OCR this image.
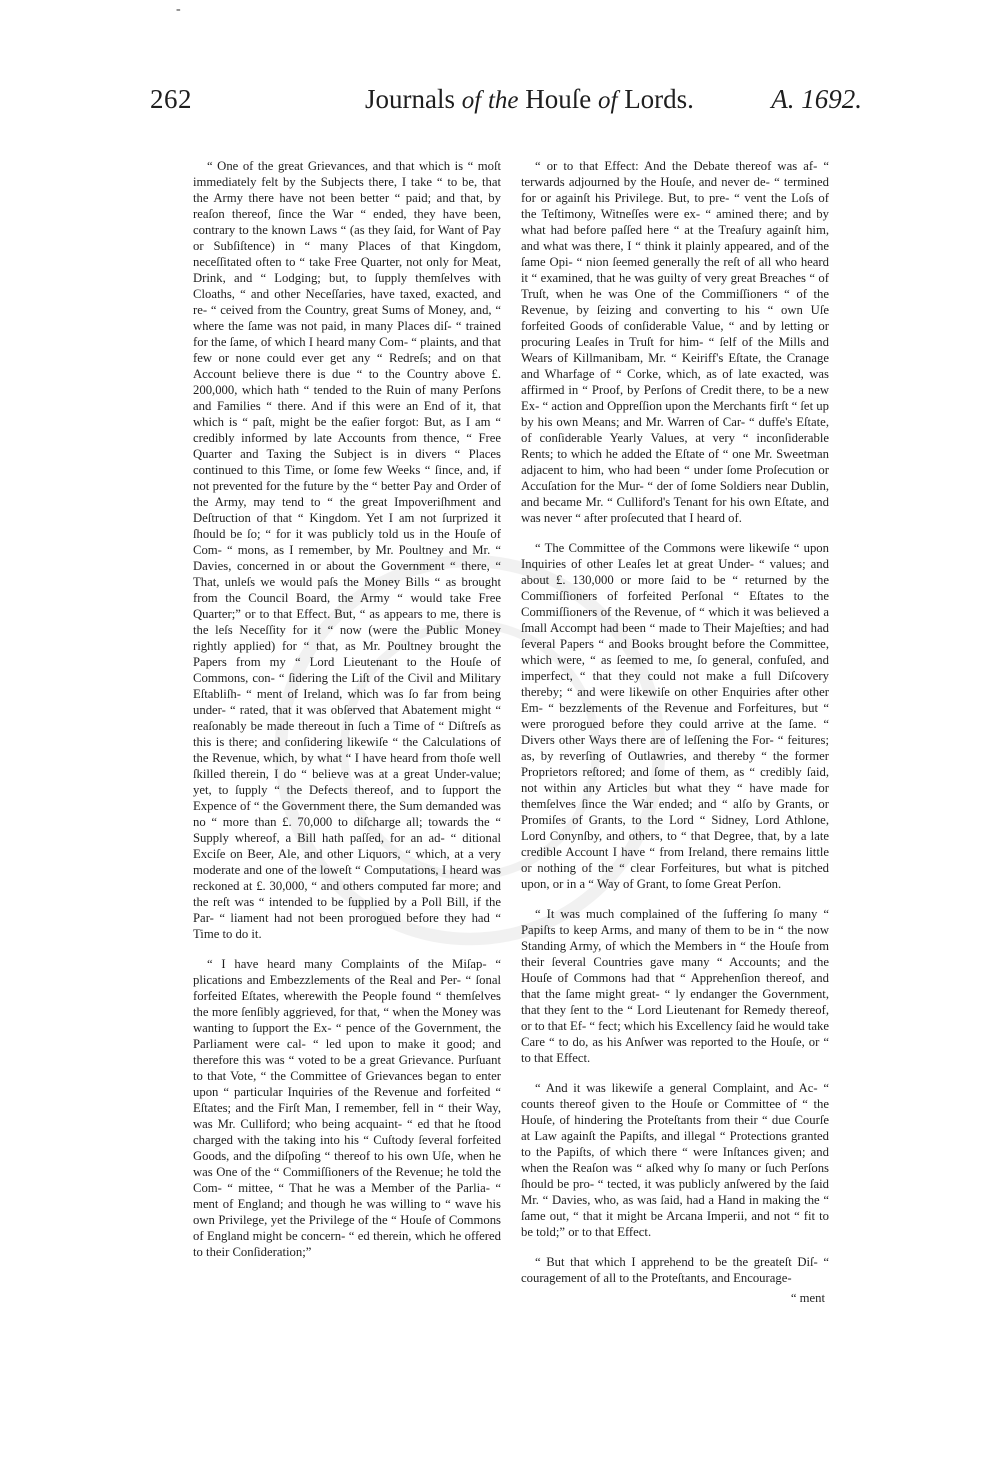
-
262	Journals of the Houſe of Lords.	A. 1692.

“ One of the great Grievances, and that which is “ moſt immediately felt by the Subjects there, I take “ to be, that the Army there have not been better “ paid; and that, by reaſon thereof, ſince the War “ ended, they have been, contrary to the known Laws “ (as they ſaid, for Want of Pay or Subſiſtence) in “ many Places of that Kingdom, neceſſitated often to “ take Free Quarter, not only for Meat, Drink, and “ Lodging; but, to ſupply themſelves with Cloaths, “ and other Neceſſaries, have taxed, exacted, and re- “ ceived from the Country, great Sums of Money, and, “ where the ſame was not paid, in many Places diſ- “ trained for the ſame, of which I heard many Com- “ plaints, and that few or none could ever get any “ Redreſs; and on that Account believe there is due “ to the Country above £. 200,000, which hath “ tended to the Ruin of many Perſons and Families “ there. And if this were an End of it, that which is “ paſt, might be the eaſier forgot: But, as I am “ credibly informed by late Accounts from thence, “ Free Quarter and Taxing the Subject is in divers “ Places continued to this Time, or ſome few Weeks “ ſince, and, if not prevented for the future by the “ better Pay and Order of the Army, may tend to “ the great Impoveriſhment and Deſtruction of that “ Kingdom. Yet I am not ſurprized it ſhould be ſo; “ for it was publicly told us in the Houſe of Com- “ mons, as I remember, by Mr. Poultney and Mr. “ Davies, concerned in or about the Government “ there, “ That, unleſs we would paſs the Money Bills “ as brought from the Council Board, the Army “ would take Free Quarter;” or to that Effect. But, “ as appears to me, there is the leſs Neceſſity for it “ now (were the Public Money rightly applied) for “ that, as Mr. Poultney brought the Papers from my “ Lord Lieutenant to the Houſe of Commons, con- “ ſidering the Liſt of the Civil and Military Eſtabliſh- “ ment of Ireland, which was ſo far from being under- “ rated, that it was obſerved that Abatement might “ reaſonably be made thereout in ſuch a Time of “ Diſtreſs as this is there; and conſidering likewiſe “ the Calculations of the Revenue, which, by what “ I have heard from thoſe well ſkilled therein, I do “ believe was at a great Under-value; yet, to ſupply “ the Defects thereof, and to ſupport the Expence of “ the Government there, the Sum demanded was no “ more than £. 70,000 to diſcharge all; towards the “ Supply whereof, a Bill hath paſſed, for an ad- “ ditional Exciſe on Beer, Ale, and other Liquors, “ which, at a very moderate and one of the loweſt “ Computations, I heard was reckoned at £. 30,000, “ and others computed far more; and the reſt was “ intended to be ſupplied by a Poll Bill, if the Par- “ liament had not been prorogued before they had “ Time to do it.

“ I have heard many Complaints of the Miſap- “ plications and Embezzlements of the Real and Per- “ ſonal forfeited Eſtates, wherewith the People found “ themſelves the more ſenſibly aggrieved, for that, “ when the Money was wanting to ſupport the Ex- “ pence of the Government, the Parliament were cal- “ led upon to make it good; and therefore this was “ voted to be a great Grievance. Purſuant to that Vote, “ the Committee of Grievances began to enter upon “ particular Inquiries of the Revenue and forfeited “ Eſtates; and the Firſt Man, I remember, fell in “ their Way, was Mr. Culliford; who being acquaint- “ ed that he ſtood charged with the taking into his “ Cuſtody ſeveral forfeited Goods, and the diſpoſing “ thereof to his own Uſe, when he was One of the “ Commiſſioners of the Revenue; he told the Com- “ mittee, “ That he was a Member of the Parlia- “ ment of England; and though he was willing to “ wave his own Privilege, yet the Privilege of the “ Houſe of Commons of England might be concern- “ ed therein, which he offered to their Conſideration;”

“ or to that Effect: And the Debate thereof was af- “ terwards adjourned by the Houſe, and never de- “ termined for or againſt his Privilege. But, to pre- “ vent the Loſs of the Teſtimony, Witneſſes were ex- “ amined there; and by what had before paſſed here “ at the Treaſury againſt him, and what was there, I “ think it plainly appeared, and of the ſame Opi- “ nion ſeemed generally the reſt of all who heard it “ examined, that he was guilty of very great Breaches “ of Truſt, when he was One of the Commiſſioners “ of the Revenue, by ſeizing and converting to his “ own Uſe forfeited Goods of conſiderable Value, “ and by letting or procuring Leaſes in Truſt for him- “ ſelf of the Mills and Wears of Killmanibam, Mr. “ Keiriff's Eſtate, the Cranage and Wharfage of “ Corke, which, as of late exacted, was affirmed in “ Proof, by Perſons of Credit there, to be a new Ex- “ action and Oppreſſion upon the Merchants firſt “ ſet up by his own Means; and Mr. Warren of Car- “ duffe's Eſtate, of conſiderable Yearly Values, at very “ inconſiderable Rents; to which he added the Eſtate of “ one Mr. Sweetman adjacent to him, who had been “ under ſome Proſecution or Accuſation for the Mur- “ der of ſome Soldiers near Dublin, and became Mr. “ Culliford's Tenant for his own Eſtate, and was never “ after proſecuted that I heard of.

“ The Committee of the Commons were likewiſe “ upon Inquiries of other Leaſes let at great Under- “ values; and about £. 130,000 or more ſaid to be “ returned by the Commiſſioners of forfeited Perſonal “ Eſtates to the Commiſſioners of the Revenue, of “ which it was believed a ſmall Accompt had been “ made to Their Majeſties; and had ſeveral Papers “ and Books brought before the Committee, which were, “ as ſeemed to me, ſo general, confuſed, and imperfect, “ that they could not make a full Diſcovery thereby; “ and were likewiſe on other Enquiries after other Em- “ bezzlements of the Revenue and Forfeitures, but “ were prorogued before they could arrive at the ſame. “ Divers other Ways there are of leſſening the For- “ feitures; as, by reverſing of Outlawries, and thereby “ the former Proprietors reſtored; and ſome of them, as “ credibly ſaid, not within any Articles but what they “ have made for themſelves ſince the War ended; and “ alſo by Grants, or Promiſes of Grants, to the Lord “ Sidney, Lord Athlone, Lord Conynſby, and others, to “ that Degree, that, by a late credible Account I have “ from Ireland, there remains little or nothing of the “ clear Forfeitures, but what is pitched upon, or in a “ Way of Grant, to ſome Great Perſon.

“ It was much complained of the ſuffering ſo many “ Papiſts to keep Arms, and many of them to be in “ the now Standing Army, of which the Members in “ the Houſe from their ſeveral Countries gave many “ Accounts; and the Houſe of Commons had that “ Apprehenſion thereof, and that the ſame might great- “ ly endanger the Government, that they ſent to the “ Lord Lieutenant for Remedy thereof, or to that Ef- “ fect; which his Excellency ſaid he would take Care “ to do, as his Anſwer was reported to the Houſe, or “ to that Effect.

“ And it was likewiſe a general Complaint, and Ac- “ counts thereof given to the Houſe or Committee of “ the Houſe, of hindering the Proteſtants from their “ due Courſe at Law againſt the Papiſts, and illegal “ Protections granted to the Papiſts, of which there “ were Inſtances given; and when the Reaſon was “ aſked why ſo many or ſuch Perſons ſhould be pro- “ tected, it was publicly anſwered by the ſaid Mr. “ Davies, who, as was ſaid, had a Hand in making the “ ſame out, “ that it might be Arcana Imperii, and not “ fit to be told;” or to that Effect.

“ But that which I apprehend to be the greateſt Diſ- “ couragement of all to the Proteſtants, and Encourage-

“ ment
